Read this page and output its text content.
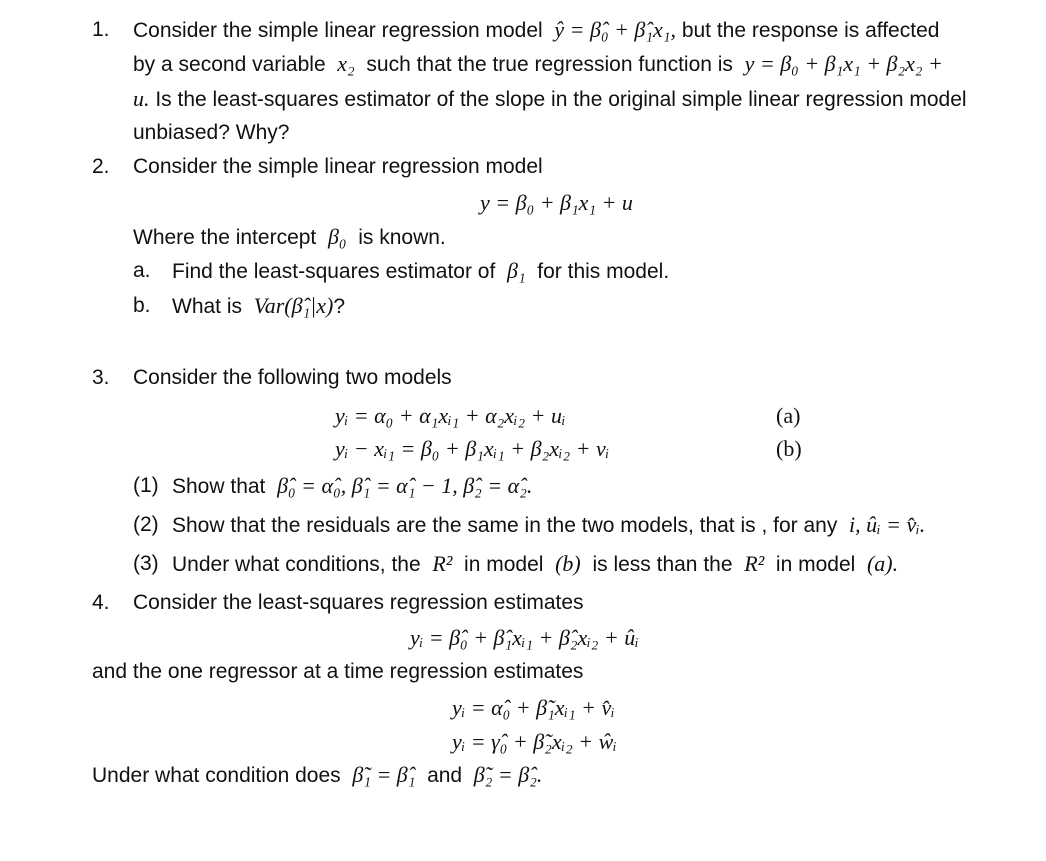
1. Consider the simple linear regression model ŷ = β̂₀ + β̂₁x₁, but the response is affected
by a second variable x₂ such that the true regression function is y = β₀ + β₁x₁ + β₂x₂ +
u. Is the least-squares estimator of the slope in the original simple linear regression model
unbiased? Why?
2. Consider the simple linear regression model
y = β₀ + β₁x₁ + u
Where the intercept β₀ is known.
a. Find the least-squares estimator of β₁ for this model.
b. What is Var(β̂₁|x)?
3. Consider the following two models
yᵢ = α₀ + α₁xᵢ₁ + α₂xᵢ₂ + uᵢ	(a)
yᵢ − xᵢ₁ = β₀ + β₁xᵢ₁ + β₂xᵢ₂ + vᵢ	(b)
(1) Show that β̂₀ = α̂₀, β̂₁ = α̂₁ − 1, β̂₂ = α̂₂.
(2) Show that the residuals are the same in the two models, that is , for any i, ûᵢ = v̂ᵢ.
(3) Under what conditions, the R² in model (b) is less than the R² in model (a).
4. Consider the least-squares regression estimates
yᵢ = β̂₀ + β̂₁xᵢ₁ + β̂₂xᵢ₂ + ûᵢ
and the one regressor at a time regression estimates
yᵢ = α̂₀ + β̃₁xᵢ₁ + v̂ᵢ
yᵢ = γ̂₀ + β̃₂xᵢ₂ + ŵᵢ
Under what condition does β̃₁ = β̂₁ and β̃₂ = β̂₂.
